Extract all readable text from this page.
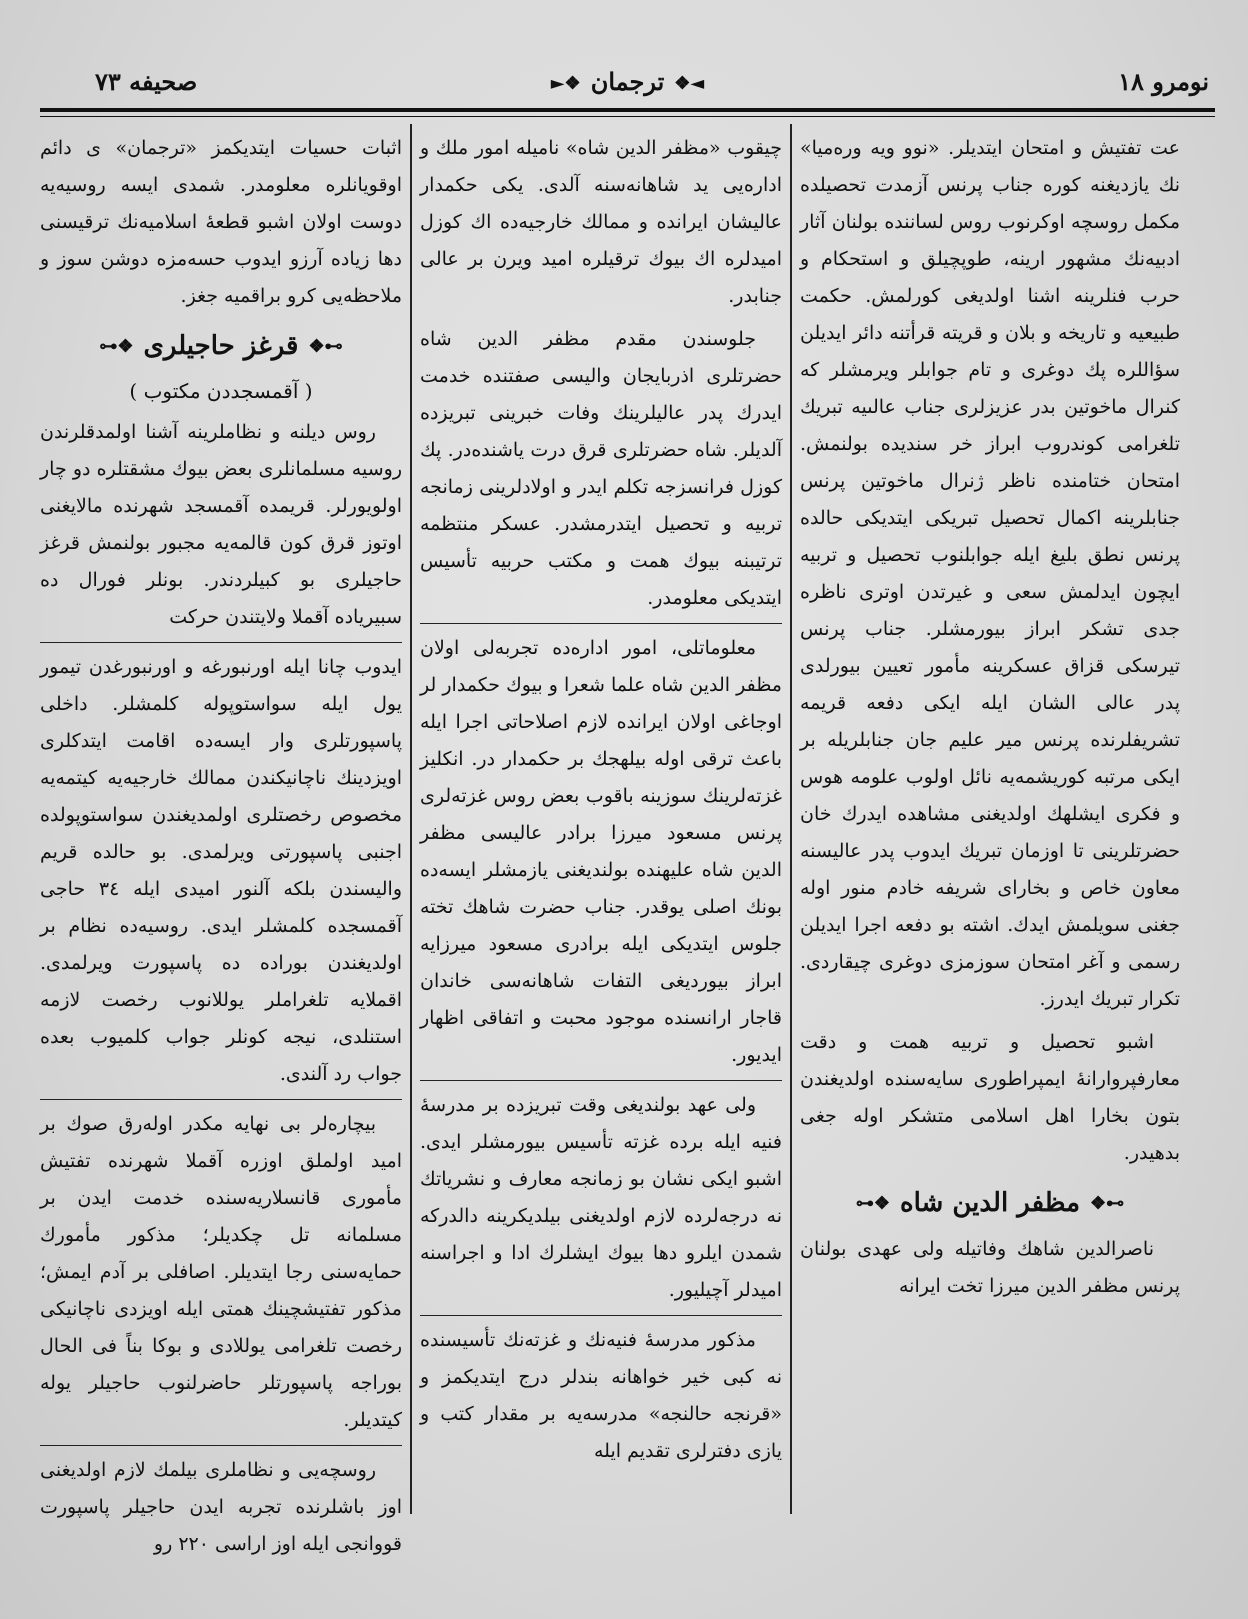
نومرو ١٨
◄❖ترجمان❖►
صحيفه ٧٣

عت تفتيش و امتحان ايتديلر. «نوو ويه ورەميا» نك يازديغنه كوره جناب پرنس آزمدت تحصيلده مكمل روسچه اوكرنوب روس لسانندە بولنان آثار ادبيەنك مشهور ارينه، طوپچيلق و استحكام و حرب فنلرينه اشنا اولديغى كورلمش. حكمت طبيعيه و تاريخه و بلان و قريته قرأتنه دائر ايديلن سؤاللره پك دوغرى و تام جوابلر ويرمشلر كه كنرال ماخوتين بدر عزيزلرى جناب عالىيه تبريك تلغرامى كوندروب ابراز خر سنديده بولنمش. امتحان ختامنده ناظر ژنرال ماخوتين پرنس جنابلرينه اكمال تحصيل تبريكى ايتديكى حالده پرنس نطق بليغ ايله جوابلنوب تحصيل و تربيه ايچون ايدلمش سعى و غيرتدن اوترى ناظره جدى تشكر ابراز بيورمشلر. جناب پرنس تيرسكى قزاق عسكرينه مأمور تعيين بيورلدى پدر عالى الشان ايله ايكى دفعه قريمه تشريفلرنده پرنس مير عليم جان جنابلريله بر ايكى مرتبه كوريشمەيە نائل اولوب علومه هوس و فكرى ايشلهك اولديغنى مشاهده ايدرك خان حضرتلرينى تا اوزمان تبريك ايدوب پدر عاليسنه معاون خاص و بخاراى شريفه خادم منور اوله جغنى سويلمش ايدك. اشته بو دفعه اجرا ايديلن رسمى و آغر امتحان سوزمزى دوغرى چيقاردى. تكرار تبريك ايدرز.

اشبو تحصيل و تربيه همت و دقت معارفپروارانۀ ايمپراطورى سايەسندە اولديغندن بتون بخارا اهل اسلامى متشكر اوله جغى بدهيدر.

⊶❖مظفر الدين شاه❖⊷

ناصرالدين شاهك وفاتيله ولى عهدى بولنان پرنس مظفر الدين ميرزا تخت ايرانه

چيقوب «مظفر الدين شاه» ناميله امور ملك و ادارەيى يد شاهانەسنه آلدى. يكى حكمدار عاليشان ايرانده و ممالك خارجيەده اك كوزل اميدلره اك بيوك ترقيلره اميد ويرن بر عالى جنابدر.

جلوسندن مقدم مظفر الدين شاه حضرتلرى اذربايجان واليسى صفتنده خدمت ايدرك پدر عاليلرينك وفات خبرينى تبريزده آلديلر. شاه حضرتلرى قرق درت ياشندەدر. پك كوزل فرانسزجه تكلم ايدر و اولادلرينى زمانجه تربيه و تحصيل ايتدرمشدر. عسكر منتظمه ترتيبنه بيوك همت و مكتب حربيه تأسيس ايتديكى معلومدر.

معلوماتلى، امور ادارەده تجربەلى اولان مظفر الدين شاه علما شعرا و بيوك حكمدار لر اوجاغى اولان ايرانده لازم اصلاحاتى اجرا ايله باعث ترقى اوله بيلهجك بر حكمدار در. انكليز غزتەلرينك سوزينه باقوب بعض روس غزتەلرى پرنس مسعود ميرزا برادر عاليسى مظفر الدين شاه عليهنده بولنديغنى يازمشلر ايسەده بونك اصلى يوقدر. جناب حضرت شاهك تخته جلوس ايتديكى ايله برادرى مسعود ميرزايه ابراز بيورديغى التفات شاهانەسى خاندان قاجار ارانسنده موجود محبت و اتفاقى اظهار ايديور.

ولى عهد بولنديغى وقت تبريزده بر مدرسۀ فنيه ايله برده غزته تأسيس بيورمشلر ايدى. اشبو ايكى نشان بو زمانجه معارف و نشرياتك نه درجەلرده لازم اولديغنى بيلديكرينه دالدركه شمدن ايلرو دها بيوك ايشلرك ادا و اجراسنه اميدلر آچيليور.

مذكور مدرسۀ فنيەنك و غزتەنك تأسيسنده نه كبى خير خواهانه بندلر درج ايتديكمز و «قرنجه حالنجه» مدرسەيه بر مقدار كتب و يازى دفترلرى تقديم ايله

اثبات حسيات ايتديكمز «ترجمان» ى دائم اوقويانلره معلومدر. شمدى ايسه روسيەيه دوست اولان اشبو قطعۀ اسلاميەنك ترقيسنى دها زياده آرزو ايدوب حسەمزه دوشن سوز و ملاحظەيى كرو براقميه جغز.

⊶❖قرغز حاجيلرى❖⊷
( آقمسجددن مكتوب )

روس ديلنه و نظاملرينه آشنا اولمدقلرندن روسيه مسلمانلرى بعض بيوك مشقتلره دو چار اولويورلر. قريمده آقمسجد شهرنده مالايغنى اوتوز قرق كون قالمەيه مجبور بولنمش قرغز حاجيلرى بو كبيلردندر. بونلر فورال ده سبيرياده آقملا ولايتندن حركت

ايدوب چانا ايله اورنبورغه و اورنبورغدن تيمور يول ايله سواستوپوله كلمشلر. داخلى پاسپورتلرى وار ايسەده اقامت ايتدكلرى اويزدينك ناچانيكندن ممالك خارجيەيه كيتمەيه مخصوص رخصتلرى اولمديغندن سواستوپولده اجنبى پاسپورتى ويرلمدى. بو حالده قريم واليسندن بلكه آلنور اميدى ايله ٣٤ حاجى آقمسجده كلمشلر ايدى. روسيەده نظام بر اولديغندن بوراده ده پاسپورت ويرلمدى. اقملايه تلغراملر يوللانوب رخصت لازمه استنلدى، نيجه كونلر جواب كلميوب بعده جواب رد آلندى.

بيچارەلر بى نهايه مكدر اولەرق صوك بر اميد اولملق اوزره آقملا شهرنده تفتيش مأمورى قانسلاريەسنده خدمت ايدن بر مسلمانه تل چكديلر؛ مذكور مأمورك حمايەسنى رجا ايتديلر. اصافلى بر آدم ايمش؛ مذكور تفتيشچينك همتى ايله اويزدى ناچانيكى رخصت تلغرامى يوللادى و بوكا بناً فى الحال بوراجه پاسپورتلر حاضرلنوب حاجيلر يوله كيتديلر.

روسچەيى و نظاملرى بيلمك لازم اولديغنى اوز باشلرنده تجربه ايدن حاجيلر پاسپورت قووانجى ايله اوز اراسى ٢٢٠ رو
